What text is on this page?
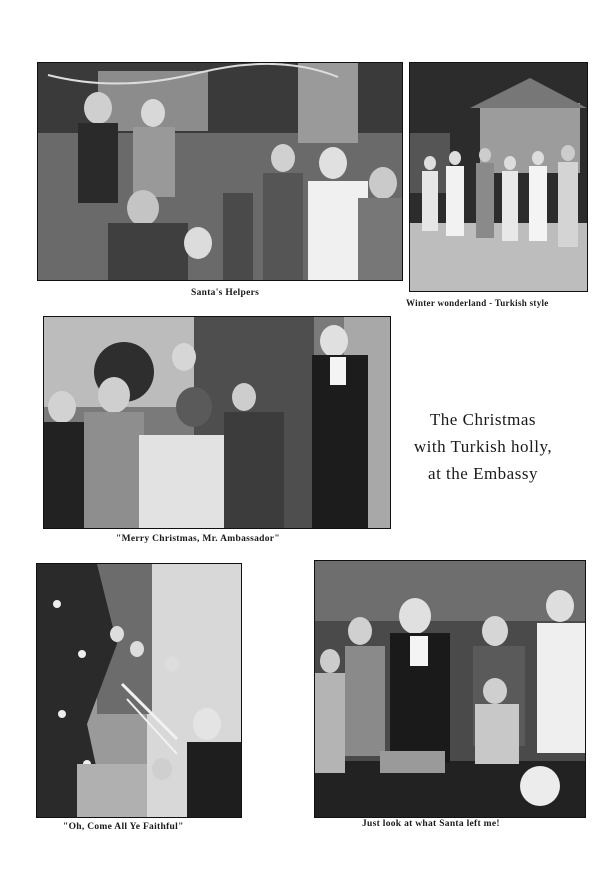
Santa's Helpers
Winter wonderland - Turkish style
"Merry Christmas, Mr. Ambassador"
The Christmas
with Turkish holly,
at the Embassy
"Oh, Come All Ye Faithful"	Just look at what Santa left me!
